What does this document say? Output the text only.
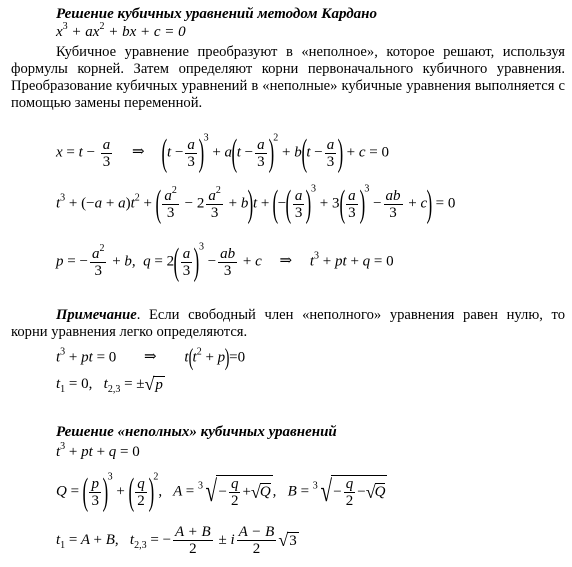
Решение кубичных уравнений методом Кардано
$x^3 + ax^2$ + bx + c = 0
Кубичное уравнение преобразуют в «неполное», которое решают, используя формулы корней. Затем определяют корни первоначального кубичного уравнения. Преобразование кубичных уравнений в «неполные» кубичные уравнения выполняется с помощью замены переменной.
$x = t - \frac{a}{3}$ ⇒ $(t - \frac{a}{3} )^3 + a(t - \frac{a}{3} )^2 + b(t - \frac{a}{3}$ ) + c = 0
$t^3 + (-a + a)t^2$ + ( $\frac{a^2}{3} - 2 \frac{a^2}{3} + b)t$ + (−( $\frac{a}{3} )^3 + 3( \frac{a}{3} )^3 - \frac{ab}{3} + c) = 0$
p = − $\frac{a^2}{3} + b$, $q = 2( \frac{a}{3} )^3 - \frac{ab}{3} + c$ ⇒ $t^3$ + pt + q = 0
Примечание. Если свободный член «неполного» уравнения равен нулю, то корни уравнения легко определяются.
$t^3$ + pt = 0 ⇒ $t(t^2 + p)=0$
$t_1 = 0$, $t_{2,3} = \pm√p$
Решение «неполных» кубичных уравнений
$t^3$ + pt + q = 0
Q = ( $\frac{p}{3} )^3$ + ( $\frac{q}{2} )^2$, $A = ^3√- \frac{q}{2} +√Q$ , $B = ^3√- \frac{q}{2} -√Q$
$t_1 = A + B$, $t_{2,3}$ = − $\frac{A + B}{2} \pm i \frac{A - B}{2} √3$
